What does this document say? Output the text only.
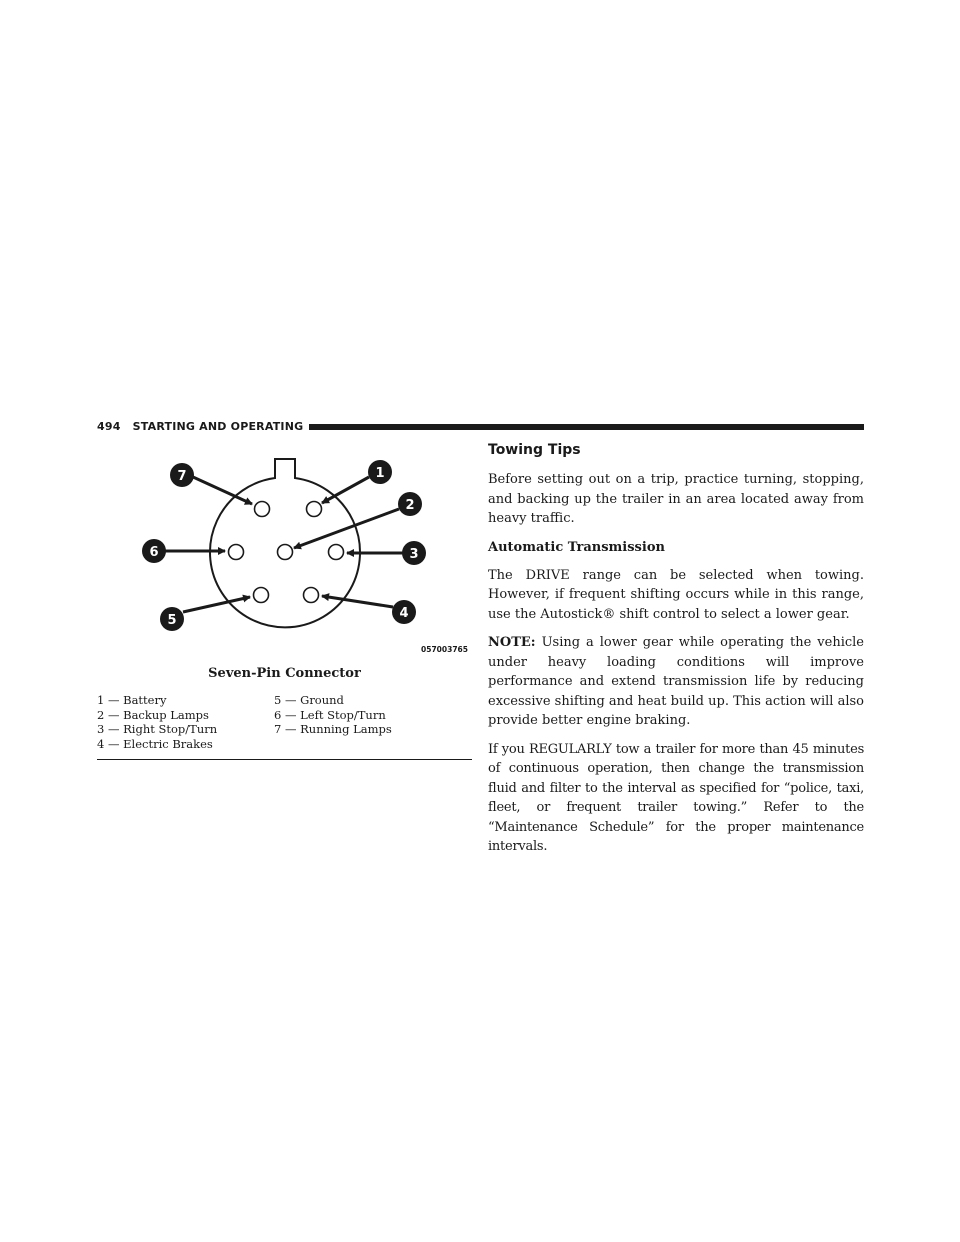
494 STARTING AND OPERATING
7	1
2
6	3
5	4
057003765
Seven-Pin Connector
1 — Battery	5 — Ground
2 — Backup Lamps	6 — Left Stop/Turn
3 — Right Stop/Turn	7 — Running Lamps
4 — Electric Brakes
Towing Tips

Before setting out on a trip, practice turning, stopping, and backing up the trailer in an area located away from heavy traffic.

Automatic Transmission

The DRIVE range can be selected when towing. However, if frequent shifting occurs while in this range, use the Autostick® shift control to select a lower gear.

NOTE: Using a lower gear while operating the vehicle under heavy loading conditions will improve performance and extend transmission life by reducing excessive shifting and heat build up. This action will also provide better engine braking.

If you REGULARLY tow a trailer for more than 45 minutes of continuous operation, then change the transmission fluid and filter to the interval as specified for “police, taxi, fleet, or frequent trailer towing.” Refer to the “Maintenance Schedule” for the proper maintenance intervals.
